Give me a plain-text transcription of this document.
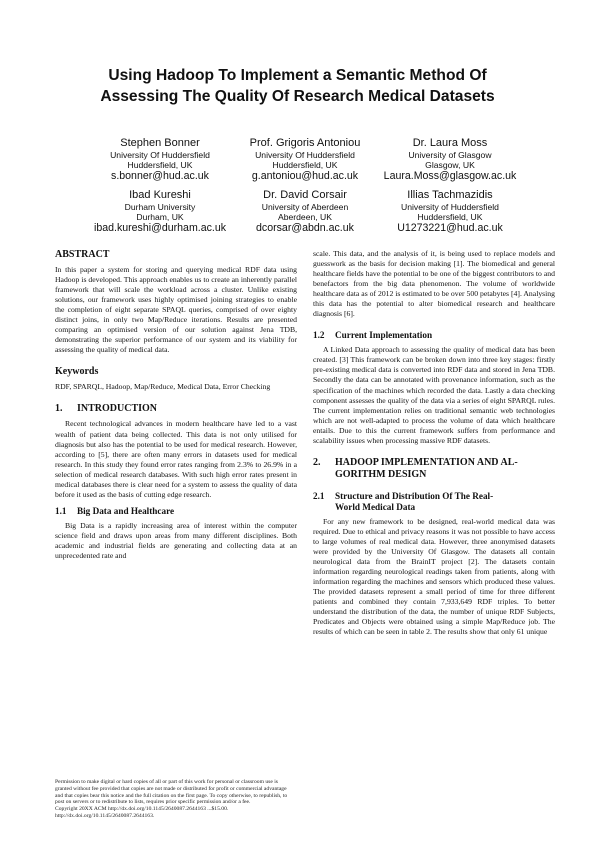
Using Hadoop To Implement a Semantic Method Of
Assessing The Quality Of Research Medical Datasets
Stephen Bonner
University Of Huddersfield
Huddersfield, UK
s.bonner@hud.ac.uk
Prof. Grigoris Antoniou
University Of Huddersfield
Huddersfield, UK
g.antoniou@hud.ac.uk
Dr. Laura Moss
University of Glasgow
Glasgow, UK
Laura.Moss@glasgow.ac.uk
Ibad Kureshi
Durham University
Durham, UK
ibad.kureshi@durham.ac.uk
Dr. David Corsair
University of Aberdeen
Aberdeen, UK
dcorsar@abdn.ac.uk
Illias Tachmazidis
University of Huddersfield
Huddersfield, UK
U1273221@hud.ac.uk
ABSTRACT

In this paper a system for storing and querying medical RDF data using Hadoop is developed. This approach enables us to create an inherently parallel framework that will scale the workload across a cluster. Unlike existing solutions, our framework uses highly optimised joining strategies to enable the completion of eight separate SPAQL queries, comprised of over eighty distinct joins, in only two Map/Reduce iterations. Results are presented comparing an optimised version of our solution against Jena TDB, demonstrating the superior performance of our system and its viability for assessing the quality of medical data.

Keywords

RDF, SPARQL, Hadoop, Map/Reduce, Medical Data, Error Checking

1. INTRODUCTION

Recent technological advances in modern healthcare have led to a vast wealth of patient data being collected. This data is not only utilised for diagnosis but also has the potential to be used for medical research. However, according to [5], there are often many errors in datasets used for medical research. In this study they found error rates ranging from 2.3% to 26.9% in a selection of medical research databases. With such high error rates present in medical databases there is clear need for a system to assess the quality of data before it used as the basis of cutting edge research.

1.1 Big Data and Healthcare

Big Data is a rapidly increasing area of interest within the computer science field and draws upon areas from many different disciplines. Both academic and industrial fields are generating and collecting data at an unprecedented rate and

scale. This data, and the analysis of it, is being used to replace models and guesswork as the basis for decision making [1]. The biomedical and general healthcare fields have the potential to be one of the biggest contributors to and benefactors from the big data phenomenon. The volume of worldwide healthcare data as of 2012 is estimated to be over 500 petabytes [4]. Analysing this data has the potential to alter biomedical research and healthcare diagnosis [6].

1.2 Current Implementation

A Linked Data approach to assessing the quality of medical data has been created. [3] This framework can be broken down into three key stages: firstly pre-existing medical data is converted into RDF data and stored in Jena TDB. Secondly the data can be annotated with provenance information, such as the specification of the machines which recorded the data. Lastly a data checking component assesses the quality of the data via a series of eight SPARQL rules. The current implementation relies on traditional semantic web technologies which are not well-adapted to process the volume of data which healthcare entails. Due to this the current framework suffers from performance and scalability issues when processing massive RDF datasets.

2. HADOOP IMPLEMENTATION AND AL-
GORITHM DESIGN
2.1 Structure and Distribution Of The Real-
World Medical Data

For any new framework to be designed, real-world medical data was required. Due to ethical and privacy reasons it was not possible to have access to large volumes of real medical data. However, three anonymised datasets were provided by the University Of Glasgow. The datasets all contain neurological data from the BrainIT project [2]. The datasets contain information regarding neurological readings taken from patients, along with information regarding the machines and sensors which produced these values. The provided datasets represent a small period of time for three different patients and combined they contain 7,933,649 RDF triples. To better understand the distribution of the data, the number of unique RDF Subjects, Predicates and Objects were obtained using a simple Map/Reduce job. The results of which can be seen in table 2. The results show that only 61 unique

Permission to make digital or hard copies of all or part of this work for personal or classroom use is granted without fee provided that copies are not made or distributed for profit or commercial advantage and that copies bear this notice and the full citation on the first page. To copy otherwise, to republish, to post on servers or to redistribute to lists, requires prior specific permission and/or a fee.
Copyright 20XX ACM http://dx.doi.org/10.1145/2640087.2644163 ...$15.00.
http://dx.doi.org/10.1145/2640087.2644163.
